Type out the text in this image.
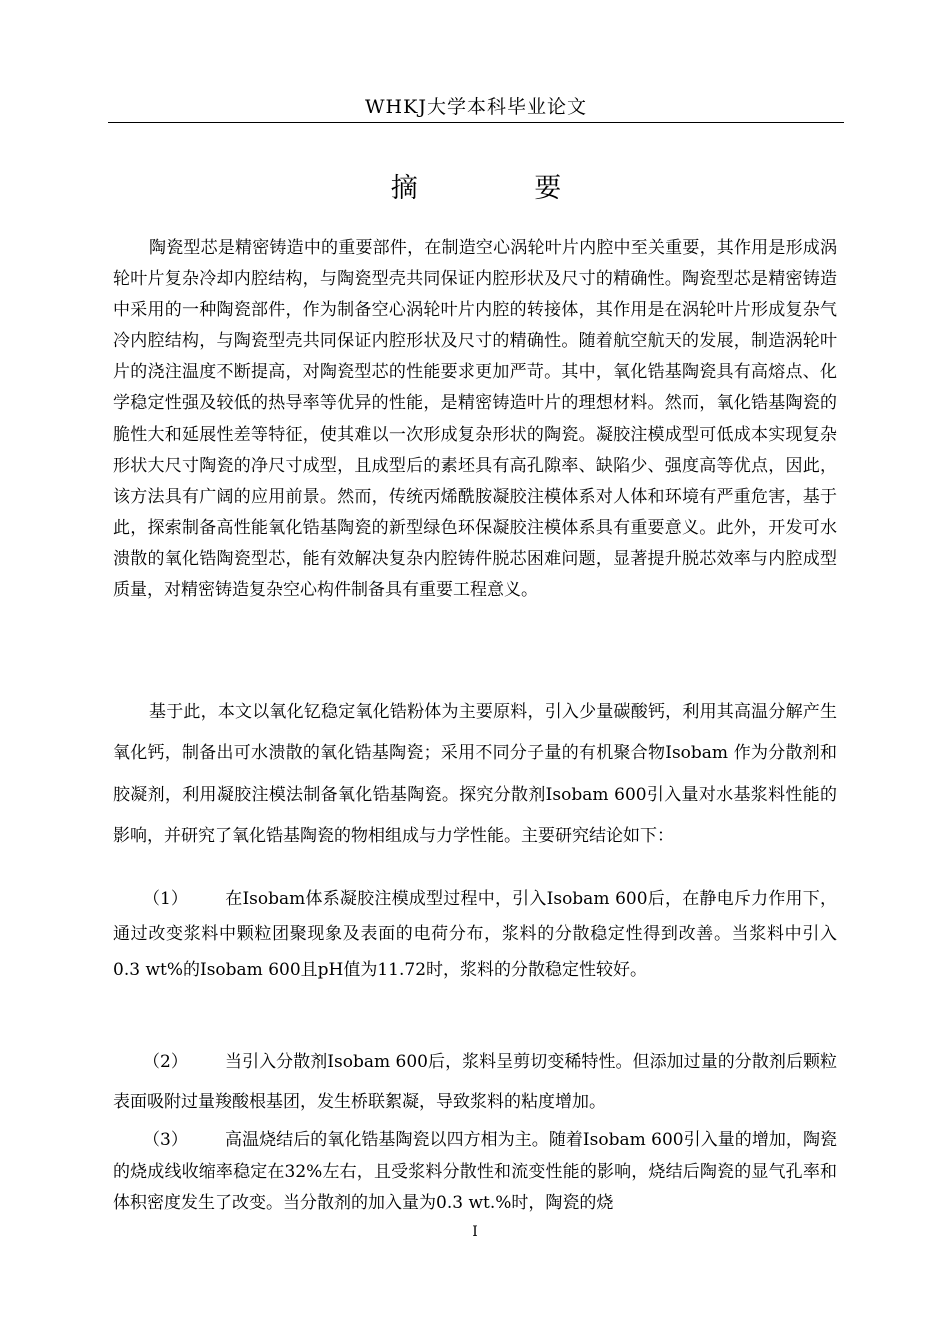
WHKJ大学本科毕业论文
摘 要
陶瓷型芯是精密铸造中的重要部件，在制造空心涡轮叶片内腔中至关重要，其作用是形成涡轮叶片复杂冷却内腔结构，与陶瓷型壳共同保证内腔形状及尺寸的精确性。陶瓷型芯是精密铸造中采用的一种陶瓷部件，作为制备空心涡轮叶片内腔的转接体，其作用是在涡轮叶片形成复杂气冷内腔结构，与陶瓷型壳共同保证内腔形状及尺寸的精确性。随着航空航天的发展，制造涡轮叶片的浇注温度不断提高，对陶瓷型芯的性能要求更加严苛。其中，氧化锆基陶瓷具有高熔点、化学稳定性强及较低的热导率等优异的性能，是精密铸造叶片的理想材料。然而，氧化锆基陶瓷的脆性大和延展性差等特征，使其难以一次形成复杂形状的陶瓷。凝胶注模成型可低成本实现复杂形状大尺寸陶瓷的净尺寸成型，且成型后的素坯具有高孔隙率、缺陷少、强度高等优点，因此，该方法具有广阔的应用前景。然而，传统丙烯酰胺凝胶注模体系对人体和环境有严重危害，基于此，探索制备高性能氧化锆基陶瓷的新型绿色环保凝胶注模体系具有重要意义。此外，开发可水溃散的氧化锆陶瓷型芯，能有效解决复杂内腔铸件脱芯困难问题，显著提升脱芯效率与内腔成型质量，对精密铸造复杂空心构件制备具有重要工程意义。
基于此，本文以氧化钇稳定氧化锆粉体为主要原料，引入少量碳酸钙，利用其高温分解产生氧化钙，制备出可水溃散的氧化锆基陶瓷；采用不同分子量的有机聚合物Isobam 作为分散剂和胶凝剂，利用凝胶注模法制备氧化锆基陶瓷。探究分散剂Isobam 600引入量对水基浆料性能的影响，并研究了氧化锆基陶瓷的物相组成与力学性能。主要研究结论如下：
（1） 在Isobam体系凝胶注模成型过程中，引入Isobam 600后，在静电斥力作用下，通过改变浆料中颗粒团聚现象及表面的电荷分布，浆料的分散稳定性得到改善。当浆料中引入0.3 wt%的Isobam 600且pH值为11.72时，浆料的分散稳定性较好。
（2） 当引入分散剂Isobam 600后，浆料呈剪切变稀特性。但添加过量的分散剂后颗粒表面吸附过量羧酸根基团，发生桥联絮凝，导致浆料的粘度增加。
（3） 高温烧结后的氧化锆基陶瓷以四方相为主。随着Isobam 600引入量的增加，陶瓷的烧成线收缩率稳定在32%左右，且受浆料分散性和流变性能的影响，烧结后陶瓷的显气孔率和体积密度发生了改变。当分散剂的加入量为0.3 wt.%时，陶瓷的烧
I
